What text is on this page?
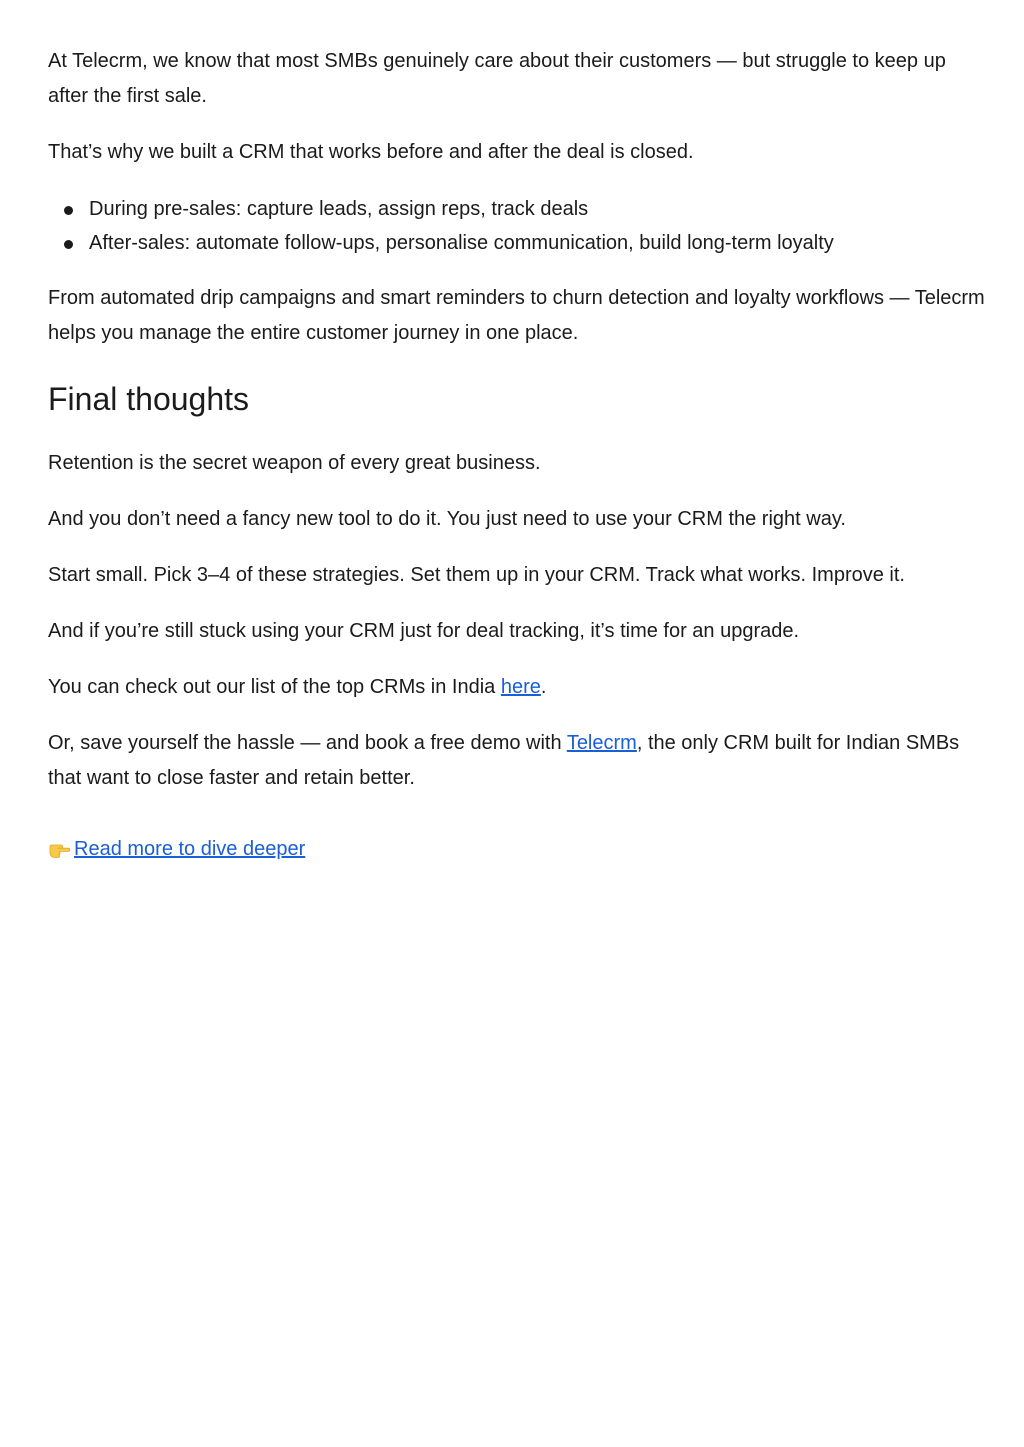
At Telecrm, we know that most SMBs genuinely care about their customers — but struggle to keep up after the first sale.

That’s why we built a CRM that works before and after the deal is closed.

During pre-sales: capture leads, assign reps, track deals
After-sales: automate follow-ups, personalise communication, build long-term loyalty

From automated drip campaigns and smart reminders to churn detection and loyalty workflows — Telecrm helps you manage the entire customer journey in one place.

Final thoughts

Retention is the secret weapon of every great business.

And you don’t need a fancy new tool to do it. You just need to use your CRM the right way.

Start small. Pick 3–4 of these strategies. Set them up in your CRM. Track what works. Improve it.

And if you’re still stuck using your CRM just for deal tracking, it’s time for an upgrade.

You can check out our list of the top CRMs in India here.

Or, save yourself the hassle — and book a free demo with Telecrm, the only CRM built for Indian SMBs that want to close faster and retain better.

Read more to dive deeper
